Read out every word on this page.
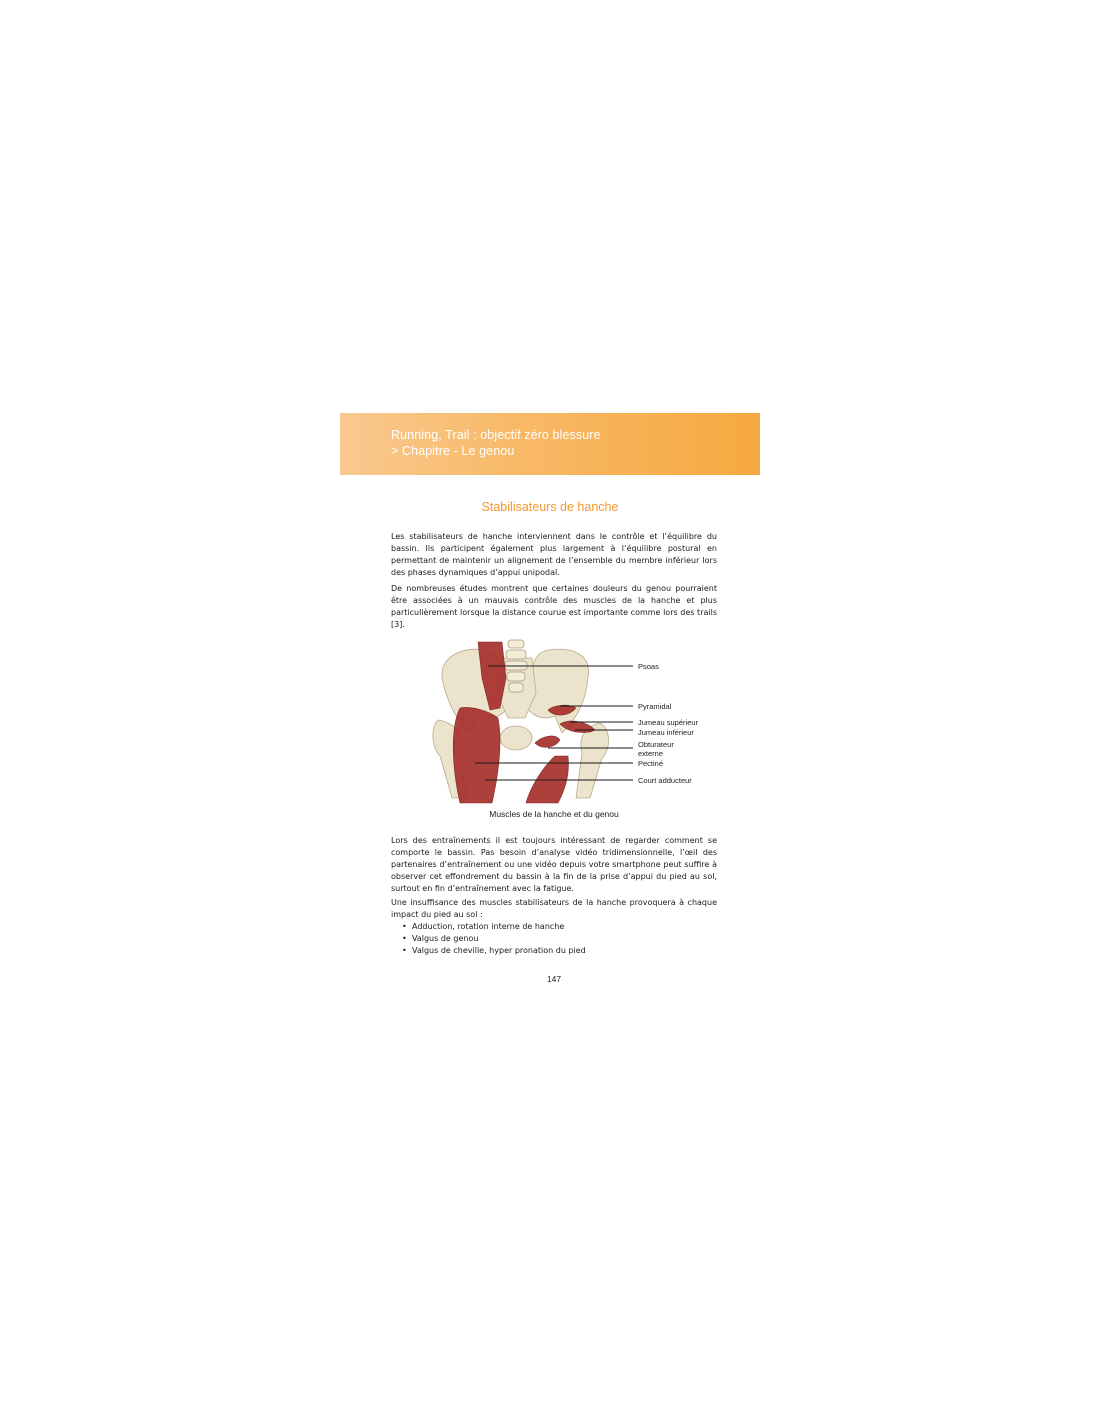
Running, Trail : objectif zéro blessure
> Chapitre - Le genou
Stabilisateurs de hanche

Les stabilisateurs de hanche interviennent dans le contrôle et l’équilibre du bassin. Ils participent également plus largement à l’équilibre postural en permettant de maintenir un alignement de l’ensemble du membre inférieur lors des phases dynamiques d’appui unipodal.

De nombreuses études montrent que certaines douleurs du genou pourraient être associées à un mauvais contrôle des muscles de la hanche et plus particulièrement lorsque la distance courue est importante comme lors des trails [3].

Psoas
Pyramidal
Jumeau supérieur
Jumeau inférieur
Obturateur
externe
Pectiné
Court adducteur
Muscles de la hanche et du genou

Lors des entraînements il est toujours intéressant de regarder comment se comporte le bassin. Pas besoin d’analyse vidéo tridimensionnelle, l’œil des partenaires d’entraînement ou une vidéo depuis votre smartphone peut suffire à observer cet effondrement du bassin à la fin de la prise d’appui du pied au sol, surtout en fin d’entraînement avec la fatigue.

Une insuffisance des muscles stabilisateurs de la hanche provoquera à chaque impact du pied au sol :

• Adduction, rotation interne de hanche
• Valgus de genou
• Valgus de cheville, hyper pronation du pied
147
